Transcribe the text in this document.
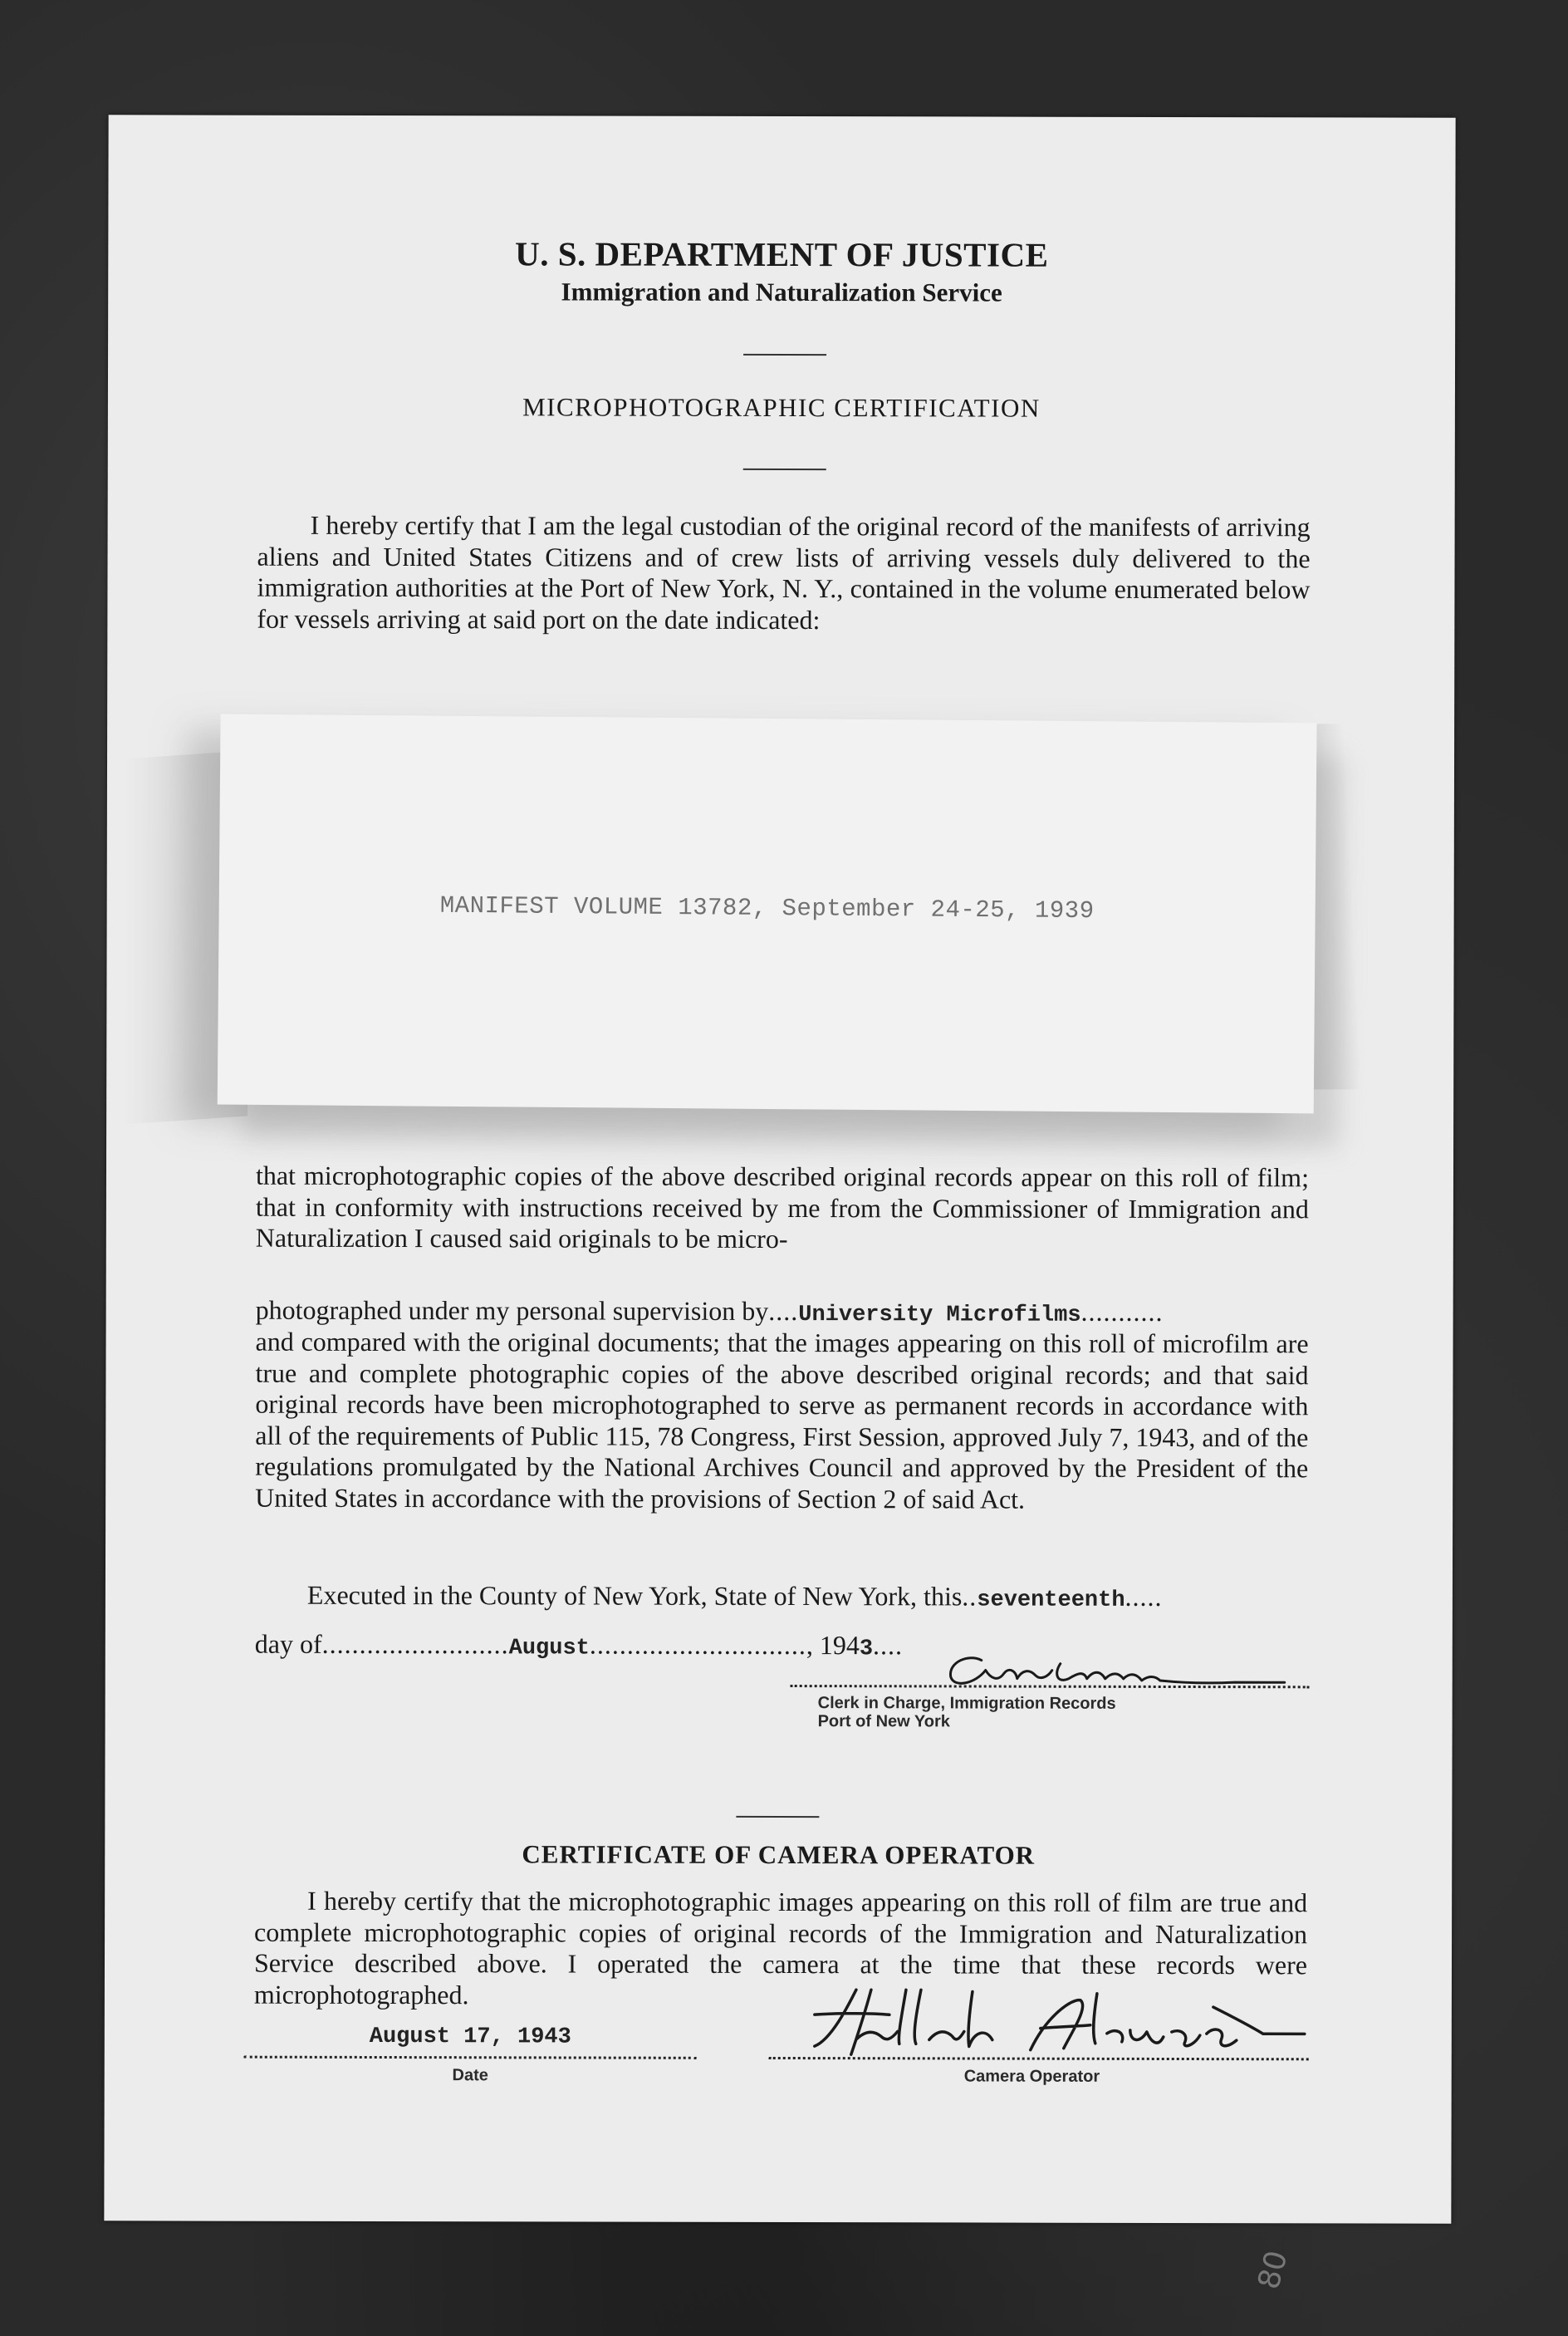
U. S. DEPARTMENT OF JUSTICE
Immigration and Naturalization Service
MICROPHOTOGRAPHIC CERTIFICATION
I hereby certify that I am the legal custodian of the original record of the manifests of arriving aliens and United States Citizens and of crew lists of arriving vessels duly delivered to the immigration authorities at the Port of New York, N. Y., contained in the volume enumerated below for vessels arriving at said port on the date indicated:
MANIFEST VOLUME 13782, September 24-25, 1939
that microphotographic copies of the above described original records appear on this roll of film; that in conformity with instructions received by me from the Commissioner of Immigration and Naturalization I caused said originals to be micro-
photographed under my personal supervision by....University Microfilms...........
and compared with the original documents; that the images appearing on this roll of microfilm are true and complete photographic copies of the above described original records; and that said original records have been microphotographed to serve as permanent records in accordance with all of the requirements of Public 115, 78 Congress, First Session, approved July 7, 1943, and of the regulations promulgated by the National Archives Council and approved by the President of the United States in accordance with the provisions of Section 2 of said Act.
Executed in the County of New York, State of New York, this..seventeenth.....
day of.........................August............................., 1943....
Clerk in Charge, Immigration Records
Port of New York
CERTIFICATE OF CAMERA OPERATOR
I hereby certify that the microphotographic images appearing on this roll of film are true and complete microphotographic copies of original records of the Immigration and Naturalization Service described above. I operated the camera at the time that these records were microphotographed.
August 17, 1943
Date	Camera Operator
80
